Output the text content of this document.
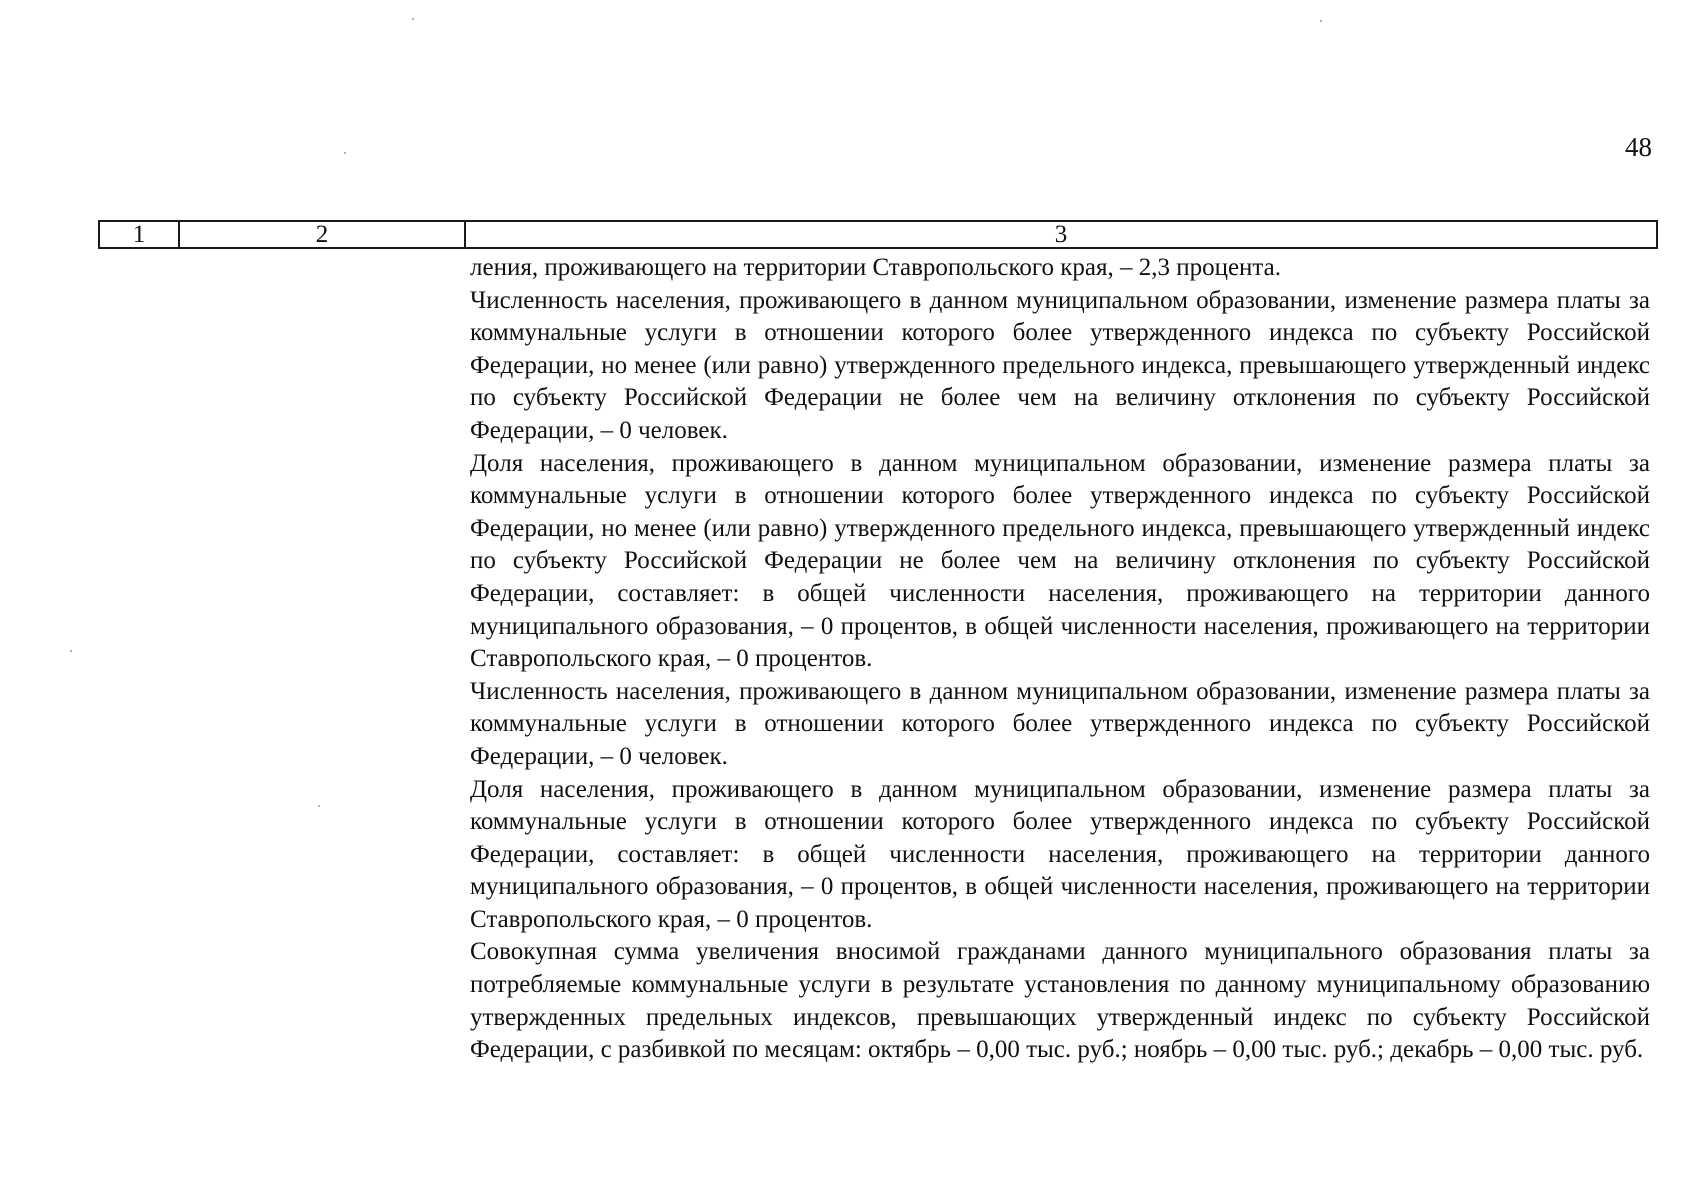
48
1	2	3

ления, проживающего на территории Ставропольского края, – 2,3 процента.

Численность населения, проживающего в данном муниципальном образовании, изменение размера платы за коммунальные услуги в отношении которого более утвержденного индекса по субъекту Российской Федерации, но менее (или равно) утвержденного предельного индекса, превышающего утвержденный индекс по субъекту Российской Федерации не более чем на величину отклонения по субъекту Российской Федерации, – 0 человек.

Доля населения, проживающего в данном муниципальном образовании, изменение размера платы за коммунальные услуги в отношении которого более утвержденного индекса по субъекту Российской Федерации, но менее (или равно) утвержденного предельного индекса, превышающего утвержденный индекс по субъекту Российской Федерации не более чем на величину отклонения по субъекту Российской Федерации, составляет: в общей численности населения, проживающего на территории данного муниципального образования, – 0 процентов, в общей численности населения, проживающего на территории Ставропольского края, – 0 процентов.

Численность населения, проживающего в данном муниципальном образовании, изменение размера платы за коммунальные услуги в отношении которого более утвержденного индекса по субъекту Российской Федерации, – 0 человек.

Доля населения, проживающего в данном муниципальном образовании, изменение размера платы за коммунальные услуги в отношении которого более утвержденного индекса по субъекту Российской Федерации, составляет: в общей численности населения, проживающего на территории данного муниципального образования, – 0 процентов, в общей численности населения, проживающего на территории Ставропольского края, – 0 процентов.

Совокупная сумма увеличения вносимой гражданами данного муниципального образования платы за потребляемые коммунальные услуги в результате установления по данному муниципальному образованию утвержденных предельных индексов, превышающих утвержденный индекс по субъекту Российской Федерации, с разбивкой по месяцам: октябрь – 0,00 тыс. руб.; ноябрь – 0,00 тыс. руб.; декабрь – 0,00 тыс. руб.
